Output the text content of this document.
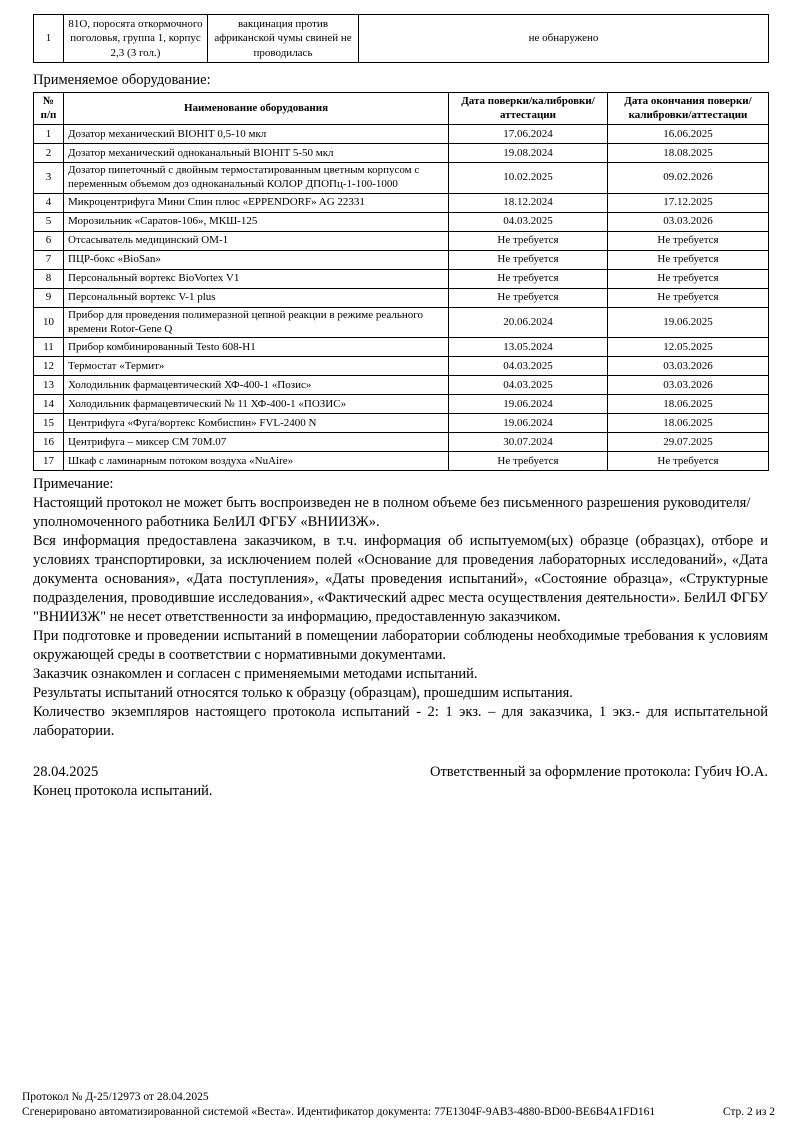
1	81О, поросята откормочного поголовья, группа 1, корпус 2,3 (3 гол.)	вакцинация против африканской чумы свиней не проводилась	не обнаружено
Применяемое оборудование:
№ п/п	Наименование оборудования	Дата поверки/калибровки/аттестации	Дата окончания поверки/калибровки/аттестации
1	Дозатор механический BIOHIT 0,5-10 мкл	17.06.2024	16.06.2025
2	Дозатор механический одноканальный BIOHIT 5-50 мкл	19.08.2024	18.08.2025
3	Дозатор пипеточный с двойным термостатированным цветным корпусом с переменным объемом доз одноканальный КОЛОР ДПОПц-1-100-1000	10.02.2025	09.02.2026
4	Микроцентрифуга Мини Спин плюс «EPPENDORF» AG 22331	18.12.2024	17.12.2025
5	Морозильник «Саратов-106», МКШ-125	04.03.2025	03.03.2026
6	Отсасыватель медицинский ОМ-1	Не требуется	Не требуется
7	ПЦР-бокс «BioSan»	Не требуется	Не требуется
8	Персональный вортекс BioVortex V1	Не требуется	Не требуется
9	Персональный вортекс V-1 plus	Не требуется	Не требуется
10	Прибор для проведения полимеразной цепной реакции в режиме реального времени Rotor-Gene Q	20.06.2024	19.06.2025
11	Прибор комбинированный Testo 608-H1	13.05.2024	12.05.2025
12	Термостат «Термит»	04.03.2025	03.03.2026
13	Холодильник фармацевтический ХФ-400-1 «Позис»	04.03.2025	03.03.2026
14	Холодильник фармацевтический № 11 ХФ-400-1 «ПОЗИС»	19.06.2024	18.06.2025
15	Центрифуга «Фуга/вортекс Комбиспин» FVL-2400 N	19.06.2024	18.06.2025
16	Центрифуга – миксер СМ 70М.07	30.07.2024	29.07.2025
17	Шкаф с ламинарным потоком воздуха «NuAire»	Не требуется	Не требуется

Примечание:

Настоящий протокол не может быть воспроизведен не в полном объеме без письменного разрешения руководителя/уполномоченного работника БелИЛ ФГБУ «ВНИИЗЖ».

Вся информация предоставлена заказчиком, в т.ч. информация об испытуемом(ых) образце (образцах), отборе и условиях транспортировки, за исключением полей «Основание для проведения лабораторных исследований», «Дата документа основания», «Дата поступления», «Даты проведения испытаний», «Состояние образца», «Структурные подразделения, проводившие исследования», «Фактический адрес места осуществления деятельности». БелИЛ ФГБУ "ВНИИЗЖ" не несет ответственности за информацию, предоставленную заказчиком.

При подготовке и проведении испытаний в помещении лаборатории соблюдены необходимые требования к условиям окружающей среды в соответствии с нормативными документами.

Заказчик ознакомлен и согласен с применяемыми методами испытаний.

Результаты испытаний относятся только к образцу (образцам), прошедшим испытания.

Количество экземпляров настоящего протокола испытаний - 2: 1 экз. – для заказчика, 1 экз.- для испытательной лаборатории.

28.04.2025	Ответственный за оформление протокола: Губич Ю.А.
Конец протокола испытаний.
Протокол № Д-25/12973 от 28.04.2025
Сгенерировано автоматизированной системой «Веста». Идентификатор документа: 77E1304F-9AB3-4880-BD00-BE6B4A1FD161	Стр. 2 из 2
